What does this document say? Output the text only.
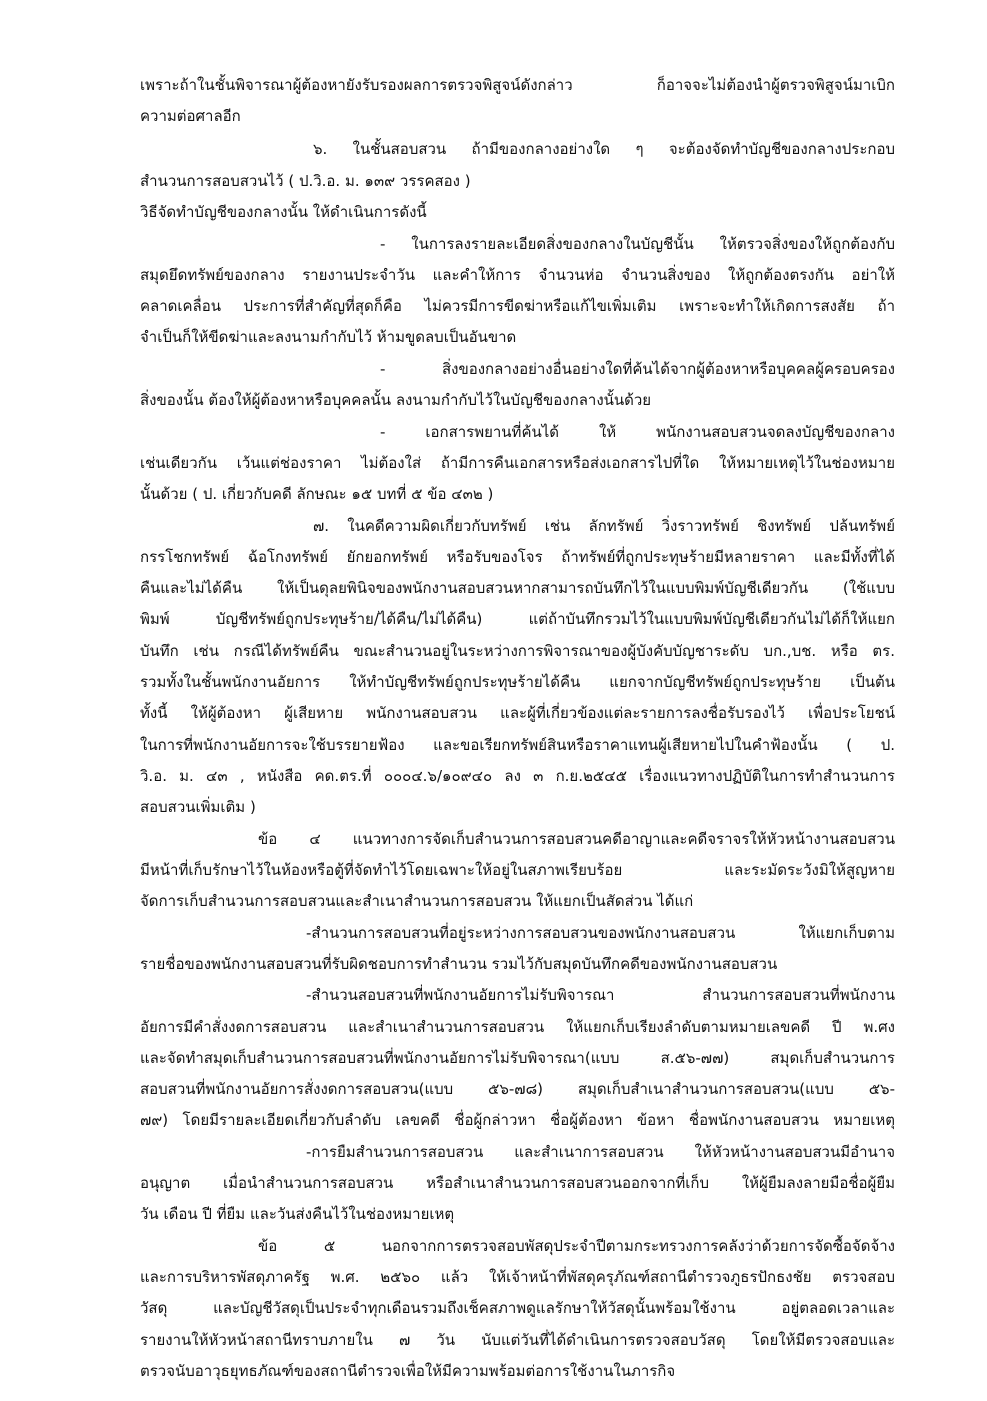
เพราะถ้าในชั้นพิจารณาผู้ต้องหายังรับรองผลการตรวจพิสูจน์ดังกล่าว ก็อาจจะไม่ต้องนำผู้ตรวจพิสูจน์มาเบิก
ความต่อศาลอีก
๖. ในชั้นสอบสวน ถ้ามีของกลางอย่างใด ๆ จะต้องจัดทำบัญชีของกลางประกอบ
สำนวนการสอบสวนไว้ ( ป.วิ.อ. ม. ๑๓๙ วรรคสอง )
วิธีจัดทำบัญชีของกลางนั้น ให้ดำเนินการดังนี้
- ในการลงรายละเอียดสิ่งของกลางในบัญชีนั้น ให้ตรวจสิ่งของให้ถูกต้องกับ
สมุดยึดทรัพย์ของกลาง รายงานประจำวัน และคำให้การ จำนวนห่อ จำนวนสิ่งของ ให้ถูกต้องตรงกัน อย่าให้
คลาดเคลื่อน ประการที่สำคัญที่สุดก็คือ ไม่ควรมีการขีดฆ่าหรือแก้ไขเพิ่มเติม เพราะจะทำให้เกิดการสงสัย ถ้า
จำเป็นก็ให้ขีดฆ่าและลงนามกำกับไว้ ห้ามขูดลบเป็นอันขาด
- สิ่งของกลางอย่างอื่นอย่างใดที่ค้นได้จากผู้ต้องหาหรือบุคคลผู้ครอบครอง
สิ่งของนั้น ต้องให้ผู้ต้องหาหรือบุคคลนั้น ลงนามกำกับไว้ในบัญชีของกลางนั้นด้วย
- เอกสารพยานที่ค้นได้ ให้ พนักงานสอบสวนจดลงบัญชีของกลาง
เช่นเดียวกัน เว้นแต่ช่องราคา ไม่ต้องใส่ ถ้ามีการคืนเอกสารหรือส่งเอกสารไปที่ใด ให้หมายเหตุไว้ในช่องหมาย
นั้นด้วย ( ป. เกี่ยวกับคดี ลักษณะ ๑๕ บทที่ ๕ ข้อ ๔๓๒ )
๗. ในคดีความผิดเกี่ยวกับทรัพย์ เช่น ลักทรัพย์ วิ่งราวทรัพย์ ชิงทรัพย์ ปล้นทรัพย์
กรรโชกทรัพย์ ฉ้อโกงทรัพย์ ยักยอกทรัพย์ หรือรับของโจร ถ้าทรัพย์ที่ถูกประทุษร้ายมีหลายราคา และมีทั้งที่ได้
คืนและไม่ได้คืน ให้เป็นดุลยพินิจของพนักงานสอบสวนหากสามารถบันทึกไว้ในแบบพิมพ์บัญชีเดียวกัน (ใช้แบบ
พิมพ์ บัญชีทรัพย์ถูกประทุษร้าย/ได้คืน/ไม่ได้คืน) แต่ถ้าบันทึกรวมไว้ในแบบพิมพ์บัญชีเดียวกันไม่ได้ก็ให้แยก
บันทึก เช่น กรณีได้ทรัพย์คืน ขณะสำนวนอยู่ในระหว่างการพิจารณาของผู้บังคับบัญชาระดับ บก.,บช. หรือ ตร.
รวมทั้งในชั้นพนักงานอัยการ ให้ทำบัญชีทรัพย์ถูกประทุษร้ายได้คืน แยกจากบัญชีทรัพย์ถูกประทุษร้าย เป็นต้น
ทั้งนี้ ให้ผู้ต้องหา ผู้เสียหาย พนักงานสอบสวน และผู้ที่เกี่ยวข้องแต่ละรายการลงชื่อรับรองไว้ เพื่อประโยชน์
ในการที่พนักงานอัยการจะใช้บรรยายฟ้อง และขอเรียกทรัพย์สินหรือราคาแทนผู้เสียหายไปในคำฟ้องนั้น ( ป.
วิ.อ. ม. ๔๓ , หนังสือ คด.ตร.ที่ ๐๐๐๔.๖/๑๐๙๔๐ ลง ๓ ก.ย.๒๕๔๕ เรื่องแนวทางปฏิบัติในการทำสำนวนการ
สอบสวนเพิ่มเติม )
ข้อ ๔ แนวทางการจัดเก็บสำนวนการสอบสวนคดีอาญาและคดีจราจรให้หัวหน้างานสอบสวน
มีหน้าที่เก็บรักษาไว้ในห้องหรือตู้ที่จัดทำไว้โดยเฉพาะให้อยู่ในสภาพเรียบร้อย และระมัดระวังมิให้สูญหาย
จัดการเก็บสำนวนการสอบสวนและสำเนาสำนวนการสอบสวน ให้แยกเป็นสัดส่วน ได้แก่
-สำนวนการสอบสวนที่อยู่ระหว่างการสอบสวนของพนักงานสอบสวน ให้แยกเก็บตาม
รายชื่อของพนักงานสอบสวนที่รับผิดชอบการทำสำนวน รวมไว้กับสมุดบันทึกคดีของพนักงานสอบสวน
-สำนวนสอบสวนที่พนักงานอัยการไม่รับพิจารณา สำนวนการสอบสวนที่พนักงาน
อัยการมีคำสั่งงดการสอบสวน และสำเนาสำนวนการสอบสวน ให้แยกเก็บเรียงลำดับตามหมายเลขคดี ปี พ.ศง
และจัดทำสมุดเก็บสำนวนการสอบสวนที่พนักงานอัยการไม่รับพิจารณา(แบบ ส.๕๖-๗๗) สมุดเก็บสำนวนการ
สอบสวนที่พนักงานอัยการสั่งงดการสอบสวน(แบบ ๕๖-๗๘) สมุดเก็บสำเนาสำนวนการสอบสวน(แบบ ๕๖-
๗๙) โดยมีรายละเอียดเกี่ยวกับลำดับ เลขคดี ชื่อผู้กล่าวหา ชื่อผู้ต้องหา ข้อหา ชื่อพนักงานสอบสวน หมายเหตุ
-การยืมสำนวนการสอบสวน และสำเนาการสอบสวน ให้หัวหน้างานสอบสวนมีอำนาจ
อนุญาต เมื่อนำสำนวนการสอบสวน หรือสำเนาสำนวนการสอบสวนออกจากที่เก็บ ให้ผู้ยืมลงลายมือชื่อผู้ยืม
วัน เดือน ปี ที่ยืม และวันส่งคืนไว้ในช่องหมายเหตุ
ข้อ ๕ นอกจากการตรวจสอบพัสดุประจำปีตามกระทรวงการคลังว่าด้วยการจัดซื้อจัดจ้าง
และการบริหารพัสดุภาครัฐ พ.ศ. ๒๕๖๐ แล้ว ให้เจ้าหน้าที่พัสดุครุภัณฑ์สถานีตำรวจภูธรปักธงชัย ตรวจสอบ
วัสดุ และบัญชีวัสดุเป็นประจำทุกเดือนรวมถึงเช็คสภาพดูแลรักษาให้วัสดุนั้นพร้อมใช้งาน อยู่ตลอดเวลาและ
รายงานให้หัวหน้าสถานีทราบภายใน ๗ วัน นับแต่วันที่ได้ดำเนินการตรวจสอบวัสดุ โดยให้มีตรวจสอบและ
ตรวจนับอาวุธยุทธภัณฑ์ของสถานีตำรวจเพื่อให้มีความพร้อมต่อการใช้งานในภารกิจ
